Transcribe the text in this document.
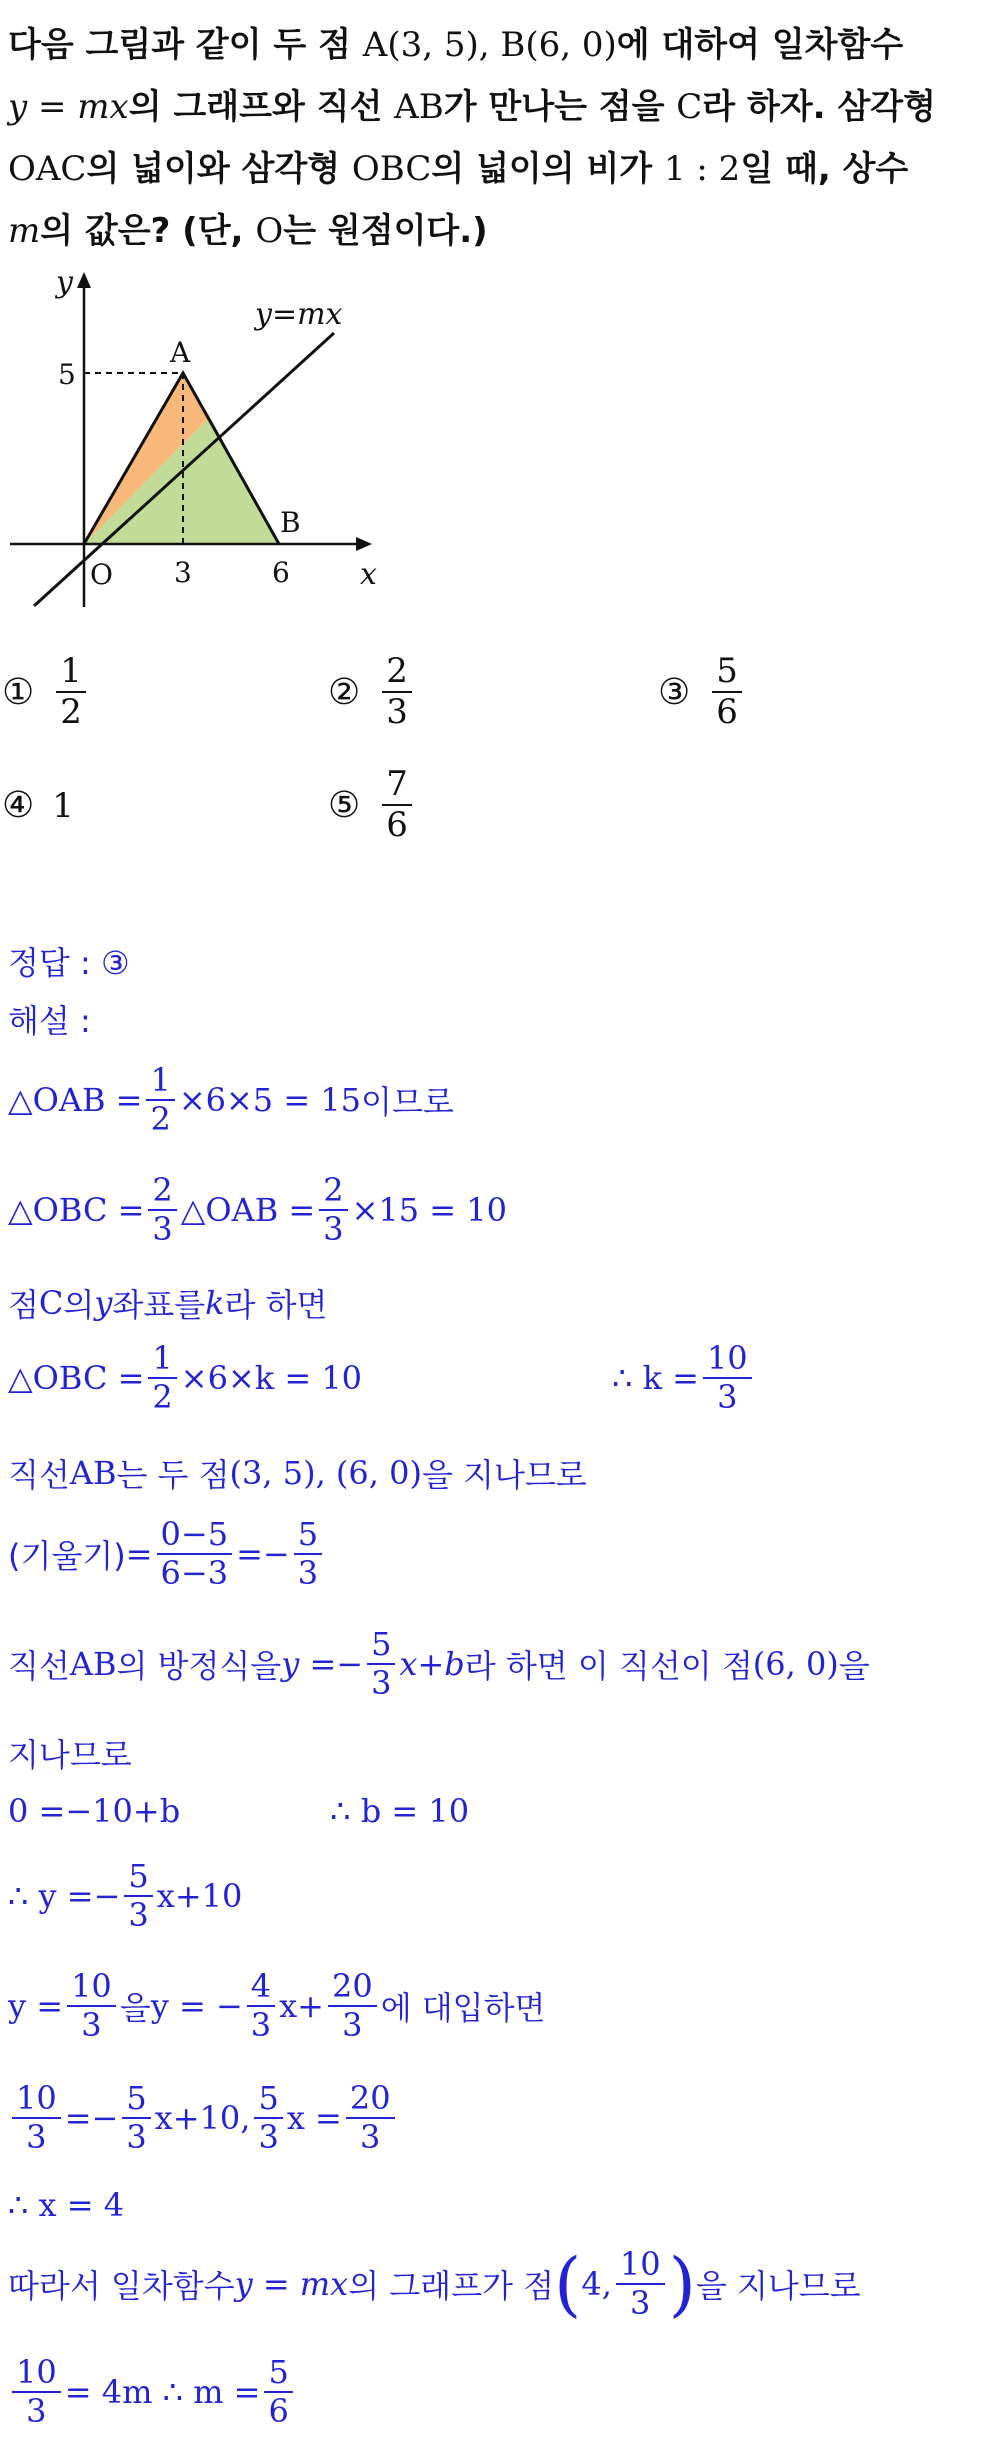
다음 그림과 같이 두 점 A(3, 5), B(6, 0)에 대하여 일차함수
y = mx의 그래프와 직선 AB가 만나는 점을 C라 하자. 삼각형
OAC의 넓이와 삼각형 OBC의 넓이의 비가 1 : 2일 때, 상수
m의 값은? (단, O는 원점이다.)
y
x
y=mx
A
B
O
5
3	6
① $\frac{1}{2}$	② $\frac{2}{3}$	③ $\frac{5}{6}$
④ 1	⑤ $\frac{7}{6}$
정답 : ③
해설 :
△OAB = $\frac{1}{2} \times 6\times 5 = 15$ 이므로
△OBC = $\frac{2}{3}$ △OAB = $\frac{2}{3} \times 15 = 10$
점 C 의 y 좌표를 k 라 하면
△OBC = $\frac{1}{2} \times 6\times k = 10$	∴ $k = \frac{10}{3}$
직선 AB 는 두 점 (3, 5), (6, 0) 을 지나므로
(기울기) = $\frac{0-5}{6-3} =- \frac{5}{3}$
직선 AB 의 방정식을 $y =- \frac{5}{3} x+b$ 라 하면 이 직선이 점 (6, 0) 을
지나므로
0 =−10+b	∴ b = 10
∴ $y =- \frac{5}{3} x+10$
$y = \frac{10}{3}$ 을 y = − $\frac{4}{3} x+ \frac{20}{3}$ 에 대입하면
$\frac{10}{3} =- \frac{5}{3} x+10$, $\frac{5}{3}$ $x = \frac{20}{3}$
∴ x = 4
따라서 일차함수 y = mx 의 그래프가 점 ( 4, $\frac{10}{3}$ ) 을 지나므로
$\frac{10}{3} = 4m$ ∴ $m = \frac{5}{6}$
